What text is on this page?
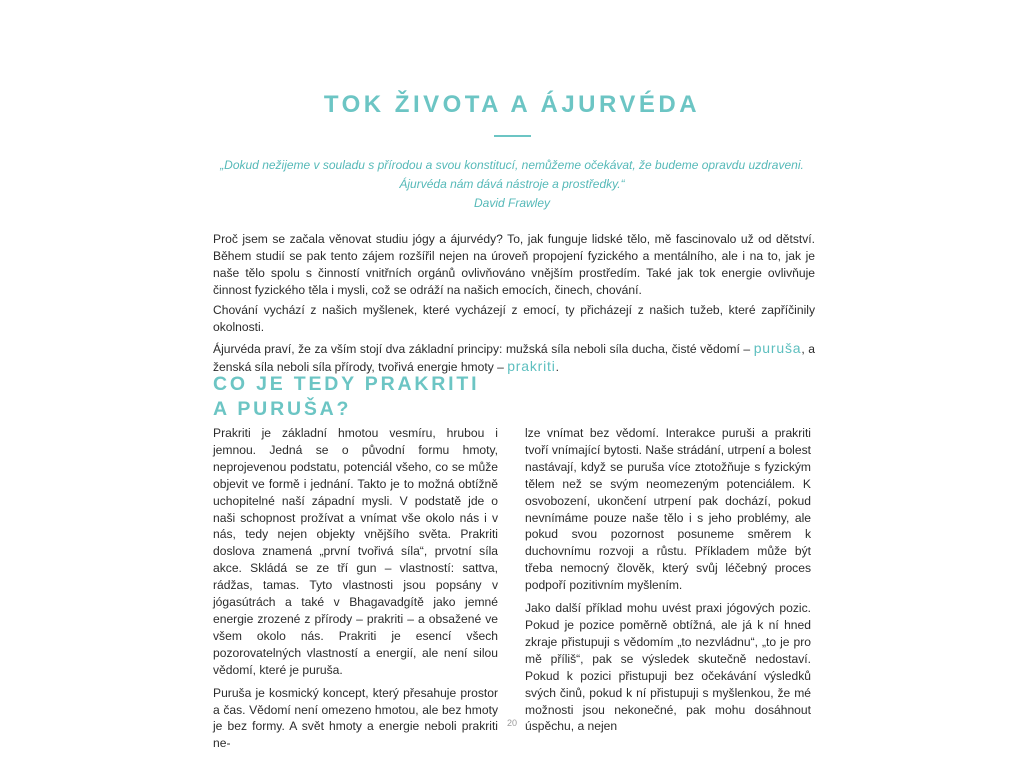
TOK ŽIVOTA A ÁJURVÉDA
„Dokud nežijeme v souladu s přírodou a svou konstitucí, nemůžeme očekávat, že budeme opravdu uzdraveni.
Ájurvéda nám dává nástroje a prostředky.“
David Frawley

Proč jsem se začala věnovat studiu jógy a ájurvédy? To, jak funguje lidské tělo, mě fascinovalo už od dětství. Během studií se pak tento zájem rozšířil nejen na úroveň propojení fyzického a mentálního, ale i na to, jak je naše tělo spolu s činností vnitřních orgánů ovlivňováno vnějším prostředím. Také jak tok energie ovlivňuje činnost fyzického těla i mysli, což se odráží na našich emocích, činech, chování.

Chování vychází z našich myšlenek, které vycházejí z emocí, ty přicházejí z našich tužeb, které zapříčinily okolnosti.

Ájurvéda praví, že za vším stojí dva základní principy: mužská síla neboli síla ducha, čisté vědomí – puruša, a ženská síla neboli síla přírody, tvořivá energie hmoty – prakriti.

CO JE TEDY PRAKRITI
A PURUŠA?

Prakriti je základní hmotou vesmíru, hrubou i jemnou. Jedná se o původní formu hmoty, neprojevenou podstatu, potenciál všeho, co se může objevit ve formě i jednání. Takto je to možná obtížně uchopitelné naší západní mysli. V podstatě jde o naši schopnost prožívat a vnímat vše okolo nás i v nás, tedy nejen objekty vnějšího světa. Prakriti doslova znamená „první tvořivá síla“, prvotní síla akce. Skládá se ze tří gun – vlastností: sattva, rádžas, tamas. Tyto vlastnosti jsou popsány v jógasútrách a také v Bhagavadgítě jako jemné energie zrozené z přírody – prakriti – a obsažené ve všem okolo nás. Prakriti je esencí všech pozorovatelných vlastností a energií, ale není silou vědomí, které je puruša.

Puruša je kosmický koncept, který přesahuje prostor a čas. Vědomí není omezeno hmotou, ale bez hmoty je bez formy. A svět hmoty a energie neboli prakriti ne-

lze vnímat bez vědomí. Interakce puruši a prakriti tvoří vnímající bytosti. Naše strádání, utrpení a bolest nastávají, když se puruša více ztotožňuje s fyzickým tělem než se svým neomezeným potenciálem. K osvobození, ukončení utrpení pak dochází, pokud nevnímáme pouze naše tělo i s jeho problémy, ale pokud svou pozornost posuneme směrem k duchovnímu rozvoji a růstu. Příkladem může být třeba nemocný člověk, který svůj léčebný proces podpoří pozitivním myšlením.

Jako další příklad mohu uvést praxi jógových pozic. Pokud je pozice poměrně obtížná, ale já k ní hned zkraje přistupuji s vědomím „to nezvládnu“, „to je pro mě příliš“, pak se výsledek skutečně nedostaví. Pokud k pozici přistupuji bez očekávání výsledků svých činů, pokud k ní přistupuji s myšlenkou, že mé možnosti jsou nekonečné, pak mohu dosáhnout úspěchu, a nejen

20
